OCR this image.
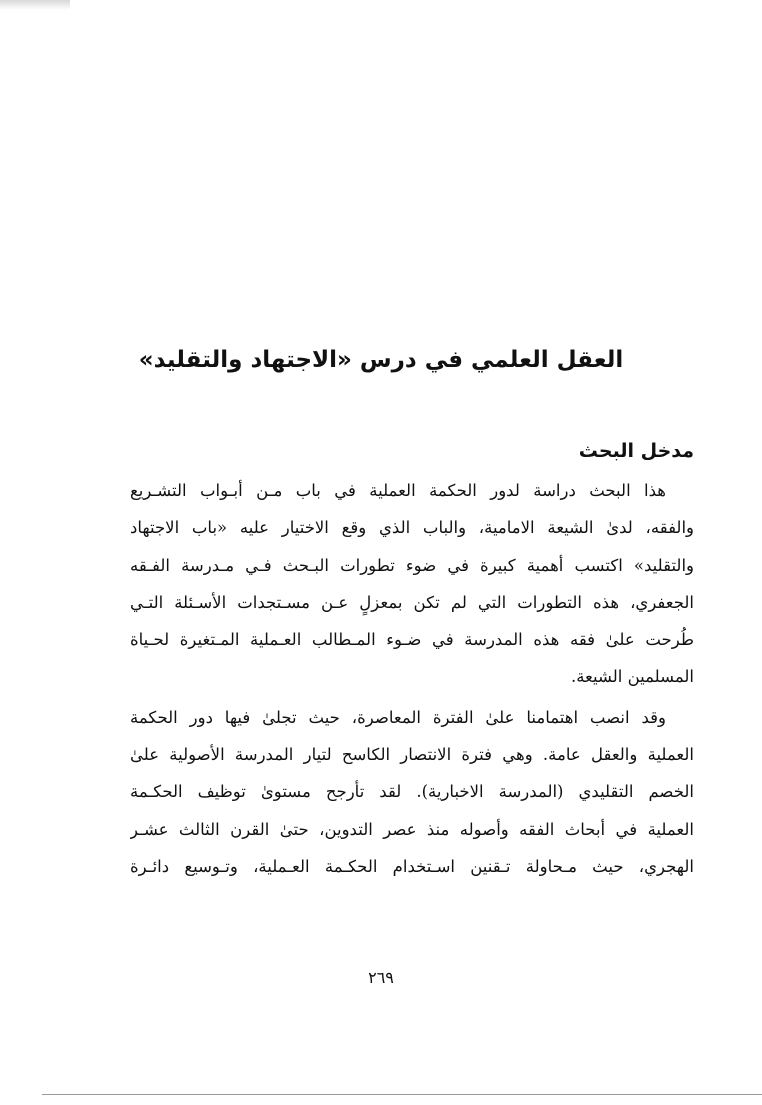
العقل العلمي في درس «الاجتهاد والتقليد»
مدخل البحث
هذا البحث دراسة لدور الحكمة العملية في باب مـن أبـواب التشـريع
والفقه، لدىٰ الشيعة الامامية، والباب الذي وقع الاختيار عليه «باب الاجتهاد
والتقليد» اكتسب أهمية كبيرة في ضوء تطورات البـحث فـي مـدرسة الفـقه
الجعفري، هذه التطورات التي لم تكن بمعزلٍ عـن مسـتجدات الأسـئلة التـي
طُرحت علىٰ فقه هذه المدرسة في ضـوء المـطالب العـملية المـتغيرة لحـياة
المسلمين الشيعة.
وقد انصب اهتمامنا علىٰ الفترة المعاصرة، حيث تجلىٰ فيها دور الحكمة
العملية والعقل عامة. وهي فترة الانتصار الكاسح لتيار المدرسة الأصولية علىٰ
الخصم التقليدي (المدرسة الاخبارية). لقد تأرجح مستوىٰ توظيف الحكـمة
العملية في أبحاث الفقه وأصوله منذ عصر التدوين، حتىٰ القرن الثالث عشـر
الهجري، حيث مـحاولة تـقنين اسـتخدام الحكـمة العـملية، وتـوسيع دائـرة
٢٦٩
